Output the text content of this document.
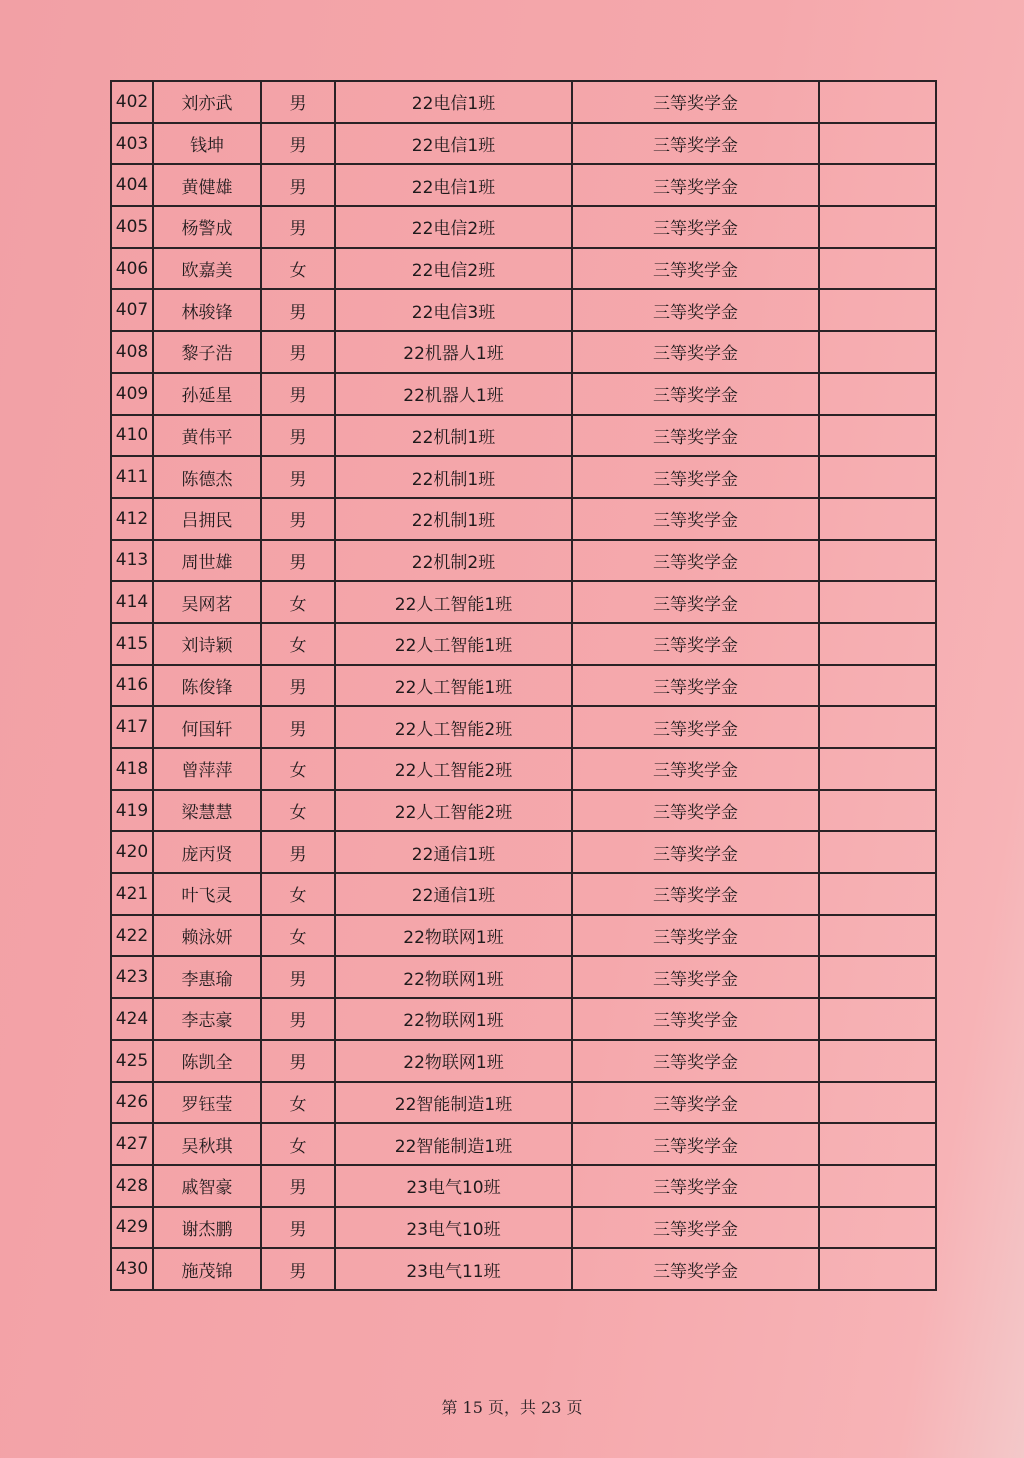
402	刘亦武	男	22电信1班	三等奖学金	
403	钱坤	男	22电信1班	三等奖学金	
404	黄健雄	男	22电信1班	三等奖学金	
405	杨警成	男	22电信2班	三等奖学金	
406	欧嘉美	女	22电信2班	三等奖学金	
407	林骏锋	男	22电信3班	三等奖学金	
408	黎子浩	男	22机器人1班	三等奖学金	
409	孙延星	男	22机器人1班	三等奖学金	
410	黄伟平	男	22机制1班	三等奖学金	
411	陈德杰	男	22机制1班	三等奖学金	
412	吕拥民	男	22机制1班	三等奖学金	
413	周世雄	男	22机制2班	三等奖学金	
414	吴网茗	女	22人工智能1班	三等奖学金	
415	刘诗颖	女	22人工智能1班	三等奖学金	
416	陈俊锋	男	22人工智能1班	三等奖学金	
417	何国轩	男	22人工智能2班	三等奖学金	
418	曾萍萍	女	22人工智能2班	三等奖学金	
419	梁慧慧	女	22人工智能2班	三等奖学金	
420	庞丙贤	男	22通信1班	三等奖学金	
421	叶飞灵	女	22通信1班	三等奖学金	
422	赖泳妍	女	22物联网1班	三等奖学金	
423	李惠瑜	男	22物联网1班	三等奖学金	
424	李志豪	男	22物联网1班	三等奖学金	
425	陈凯全	男	22物联网1班	三等奖学金	
426	罗钰莹	女	22智能制造1班	三等奖学金	
427	吴秋琪	女	22智能制造1班	三等奖学金	
428	戚智豪	男	23电气10班	三等奖学金	
429	谢杰鹏	男	23电气10班	三等奖学金	
430	施茂锦	男	23电气11班	三等奖学金	
第 15 页，共 23 页
